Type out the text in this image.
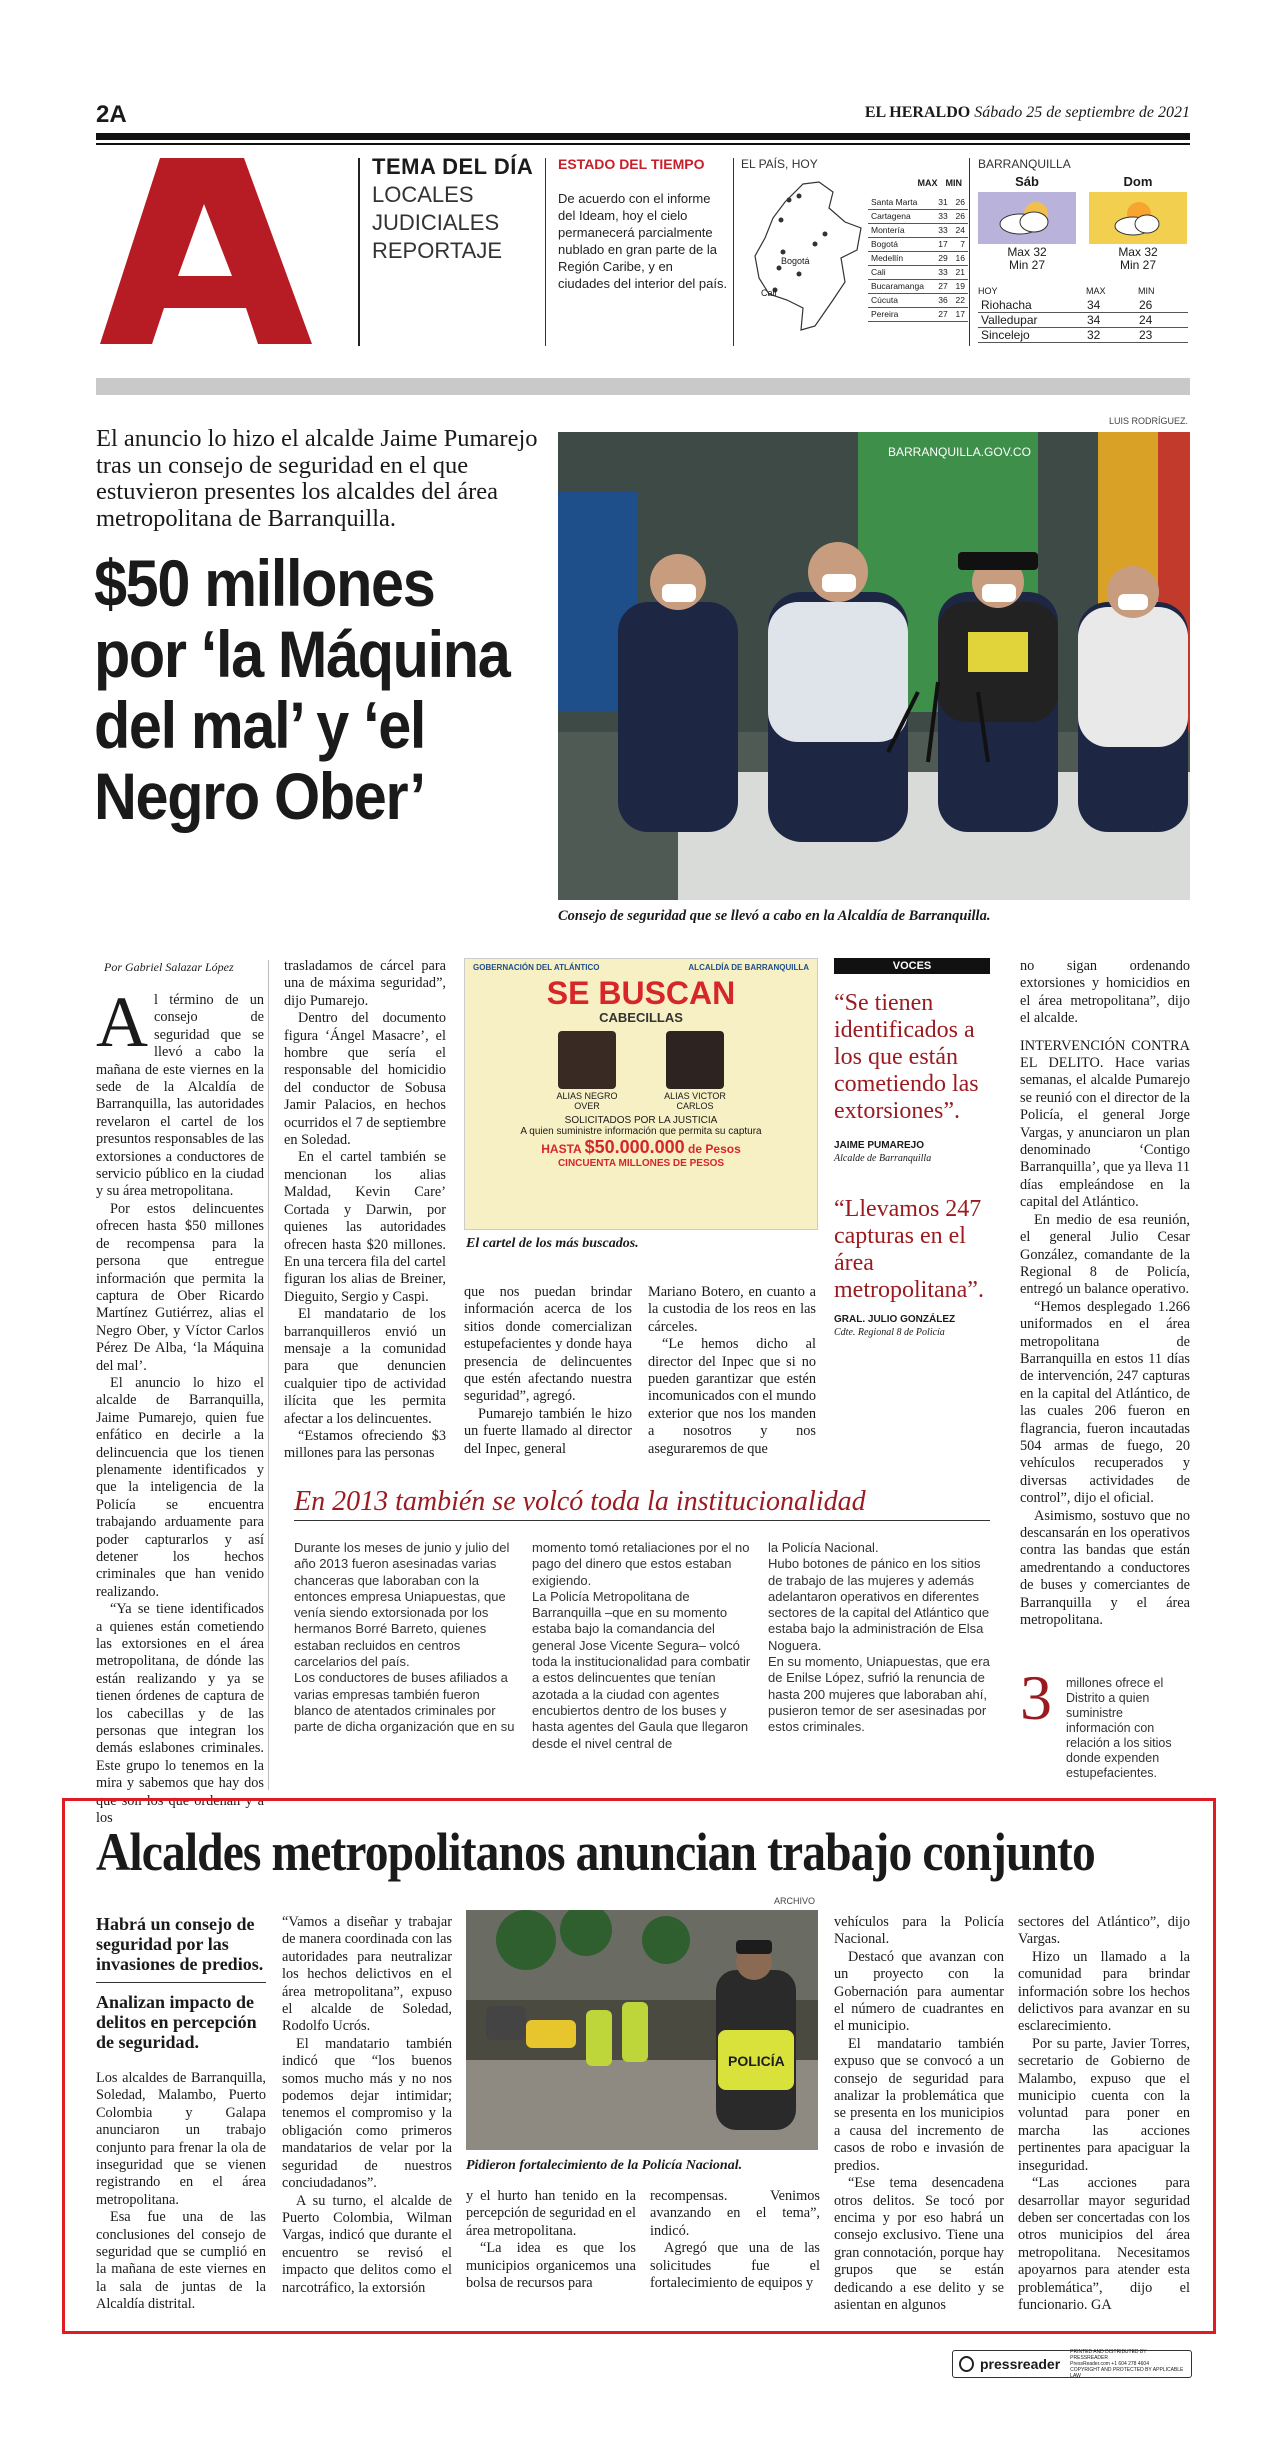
2A	EL HERALDO Sábado 25 de septiembre de 2021
TEMA DEL DÍA
LOCALES
JUDICIALES
REPORTAJE
ESTADO DEL TIEMPO
De acuerdo con el informe del Ideam, hoy el cielo permanecerá parcialmente nublado en gran parte de la Región Caribe, y en ciudades del interior del país.
EL PAÍS, HOY
Bogotá
Cali
MAX MIN
Santa Marta	31	26
Cartagena	33	26
Montería	33	24
Bogotá	17	7
Medellín	29	16
Cali	33	21
Bucaramanga	27	19
Cúcuta	36	22
Pereira	27	17
BARRANQUILLA
Sáb
Max 32
Min 27
Dom
Max 32
Min 27
HOY	MAX	MIN
Riohacha	34	26
Valledupar	34	24
Sincelejo	32	23
El anuncio lo hizo el alcalde Jaime Pumarejo tras un consejo de seguridad en el que estuvieron presentes los alcaldes del área metropolitana de Barranquilla.
$50 millones por ‘la Máquina del mal’ y ‘el Negro Ober’
LUIS RODRÍGUEZ.
BARRANQUILLA.GOV.CO
Consejo de seguridad que se llevó a cabo en la Alcaldía de Barranquilla.
Por Gabriel Salazar López
A l término de un consejo de seguridad que se llevó a cabo la mañana de este viernes en la sede de la Alcaldía de Barranquilla, las autoridades revelaron el cartel de los presuntos responsables de las extorsiones a conductores de servicio público en la ciudad y su área metropolitana.

Por estos delincuentes ofrecen hasta $50 millones de recompensa para la persona que entregue información que permita la captura de Ober Ricardo Martínez Gutiérrez, alias el Negro Ober, y Víctor Carlos Pérez De Alba, ‘la Máquina del mal’.

El anuncio lo hizo el alcalde de Barranquilla, Jaime Pumarejo, quien fue enfático en decirle a la delincuencia que los tienen plenamente identificados y que la inteligencia de la Policía se encuentra trabajando arduamente para poder capturarlos y así detener los hechos criminales que han venido realizando.

“Ya se tiene identificados a quienes están cometiendo las extorsiones en el área metropolitana, de dónde las están realizando y ya se tienen órdenes de captura de los cabecillas y de las personas que integran los demás eslabones criminales. Este grupo lo tenemos en la mira y sabemos que hay dos que son los que ordenan y a los

trasladamos de cárcel para una de máxima seguridad”, dijo Pumarejo.

Dentro del documento figura ‘Ángel Masacre’, el hombre que sería el responsable del homicidio del conductor de Sobusa Jamir Palacios, en hechos ocurridos el 7 de septiembre en Soledad.

En el cartel también se mencionan los alias Maldad, Kevin Care’ Cortada y Darwin, por quienes las autoridades ofrecen hasta $20 millones. En una tercera fila del cartel figuran los alias de Breiner, Dieguito, Sergio y Caspi.

El mandatario de los barranquilleros envió un mensaje a la comunidad para que denuncien cualquier tipo de actividad ilícita que les permita afectar a los delincuentes.

“Estamos ofreciendo $3 millones para las personas

GOBERNACIÓN DEL ATLÁNTICO	ALCALDÍA DE BARRANQUILLA
SE BUSCAN
CABECILLAS
ALIAS NEGRO OVER
ALIAS VICTOR CARLOS
SOLICITADOS POR LA JUSTICIA
A quien suministre información que permita su captura
HASTA $50.000.000 de Pesos
CINCUENTA MILLONES DE PESOS
El cartel de los más buscados.

que nos puedan brindar información acerca de los sitios donde comercializan estupefacientes y donde haya presencia de delincuentes que estén afectando nuestra seguridad”, agregó.

Pumarejo también le hizo un fuerte llamado al director del Inpec, general

Mariano Botero, en cuanto a la custodia de los reos en las cárceles.

“Le hemos dicho al director del Inpec que si no pueden garantizar que estén incomunicados con el mundo exterior que nos los manden a nosotros y nos aseguraremos de que

VOCES
“Se tienen identificados a los que están cometiendo las extorsiones”.
JAIME PUMAREJO
Alcalde de Barranquilla
“Llevamos 247 capturas en el área metropolitana”.
GRAL. JULIO GONZÁLEZ
Cdte. Regional 8 de Policía

no sigan ordenando extorsiones y homicidios en el área metropolitana”, dijo el alcalde.

INTERVENCIÓN CONTRA EL DELITO. Hace varias semanas, el alcalde Pumarejo se reunió con el director de la Policía, el general Jorge Vargas, y anunciaron un plan denominado ‘Contigo Barranquilla’, que ya lleva 11 días empleándose en la capital del Atlántico.

En medio de esa reunión, el general Julio Cesar González, comandante de la Regional 8 de Policía, entregó un balance operativo.

“Hemos desplegado 1.266 uniformados en el área metropolitana de Barranquilla en estos 11 días de intervención, 247 capturas en la capital del Atlántico, de las cuales 206 fueron en flagrancia, fueron incautadas 504 armas de fuego, 20 vehículos recuperados y diversas actividades de control”, dijo el oficial.

Asimismo, sostuvo que no descansarán en los operativos contra las bandas que están amedrentando a conductores de buses y comerciantes de Barranquilla y el área metropolitana.

3 millones ofrece el Distrito a quien suministre información con relación a los sitios donde expenden estupefacientes.
En 2013 también se volcó toda la institucionalidad
Durante los meses de junio y julio del año 2013 fueron asesinadas varias chanceras que laboraban con la entonces empresa Uniapuestas, que venía siendo extorsionada por los hermanos Borré Barreto, quienes estaban recluidos en centros carcelarios del país.
Los conductores de buses afiliados a varias empresas también fueron blanco de atentados criminales por parte de dicha organización que en su
momento tomó retaliaciones por el no pago del dinero que estos estaban exigiendo.
La Policía Metropolitana de Barranquilla –que en su momento estaba bajo la comandancia del general Jose Vicente Segura– volcó toda la institucionalidad para combatir a estos delincuentes que tenían azotada a la ciudad con agentes encubiertos dentro de los buses y hasta agentes del Gaula que llegaron desde el nivel central de
la Policía Nacional.
Hubo botones de pánico en los sitios de trabajo de las mujeres y además adelantaron operativos en diferentes sectores de la capital del Atlántico que estaba bajo la administración de Elsa Noguera.
En su momento, Uniapuestas, que era de Enilse López, sufrió la renuncia de hasta 200 mujeres que laboraban ahí, pusieron temor de ser asesinadas por estos criminales.
Alcaldes metropolitanos anuncian trabajo conjunto
ARCHIVO
Habrá un consejo de seguridad por las invasiones de predios.
Analizan impacto de delitos en percepción de seguridad.

Los alcaldes de Barranquilla, Soledad, Malambo, Puerto Colombia y Galapa anunciaron un trabajo conjunto para frenar la ola de inseguridad que se vienen registrando en el área metropolitana.

Esa fue una de las conclusiones del consejo de seguridad que se cumplió en la mañana de este viernes en la sala de juntas de la Alcaldía distrital.

“Vamos a diseñar y trabajar de manera coordinada con las autoridades para neutralizar los hechos delictivos en el área metropolitana”, expuso el alcalde de Soledad, Rodolfo Ucrós.

El mandatario también indicó que “los buenos somos mucho más y no nos podemos dejar intimidar; tenemos el compromiso y la obligación como primeros mandatarios de velar por la seguridad de nuestros conciudadanos”.

A su turno, el alcalde de Puerto Colombia, Wilman Vargas, indicó que durante el encuentro se revisó el impacto que delitos como el narcotráfico, la extorsión

POLICÍA
Pidieron fortalecimiento de la Policía Nacional.

y el hurto han tenido en la percepción de seguridad en el área metropolitana.

“La idea es que los municipios organicemos una bolsa de recursos para

recompensas. Venimos avanzando en el tema”, indicó.

Agregó que una de las solicitudes fue el fortalecimiento de equipos y

vehículos para la Policía Nacional.

Destacó que avanzan con un proyecto con la Gobernación para aumentar el número de cuadrantes en el municipio.

El mandatario también expuso que se convocó a un consejo de seguridad para analizar la problemática que se presenta en los municipios a causa del incremento de casos de robo e invasión de predios.

“Ese tema desencadena otros delitos. Se tocó por encima y por eso habrá un consejo exclusivo. Tiene una gran connotación, porque hay grupos que se están dedicando a ese delito y se asientan en algunos

sectores del Atlántico”, dijo Vargas.

Hizo un llamado a la comunidad para brindar información sobre los hechos delictivos para avanzar en su esclarecimiento.

Por su parte, Javier Torres, secretario de Gobierno de Malambo, expuso que el municipio cuenta con la voluntad para poner en marcha las acciones pertinentes para apaciguar la inseguridad.

“Las acciones para desarrollar mayor seguridad deben ser concertadas con los otros municipios del área metropolitana. Necesitamos apoyarnos para atender esta problemática”, dijo el funcionario. GA

pressreader
PRINTED AND DISTRIBUTED BY PRESSREADER
PressReader.com +1 604 278 4604
COPYRIGHT AND PROTECTED BY APPLICABLE LAW
